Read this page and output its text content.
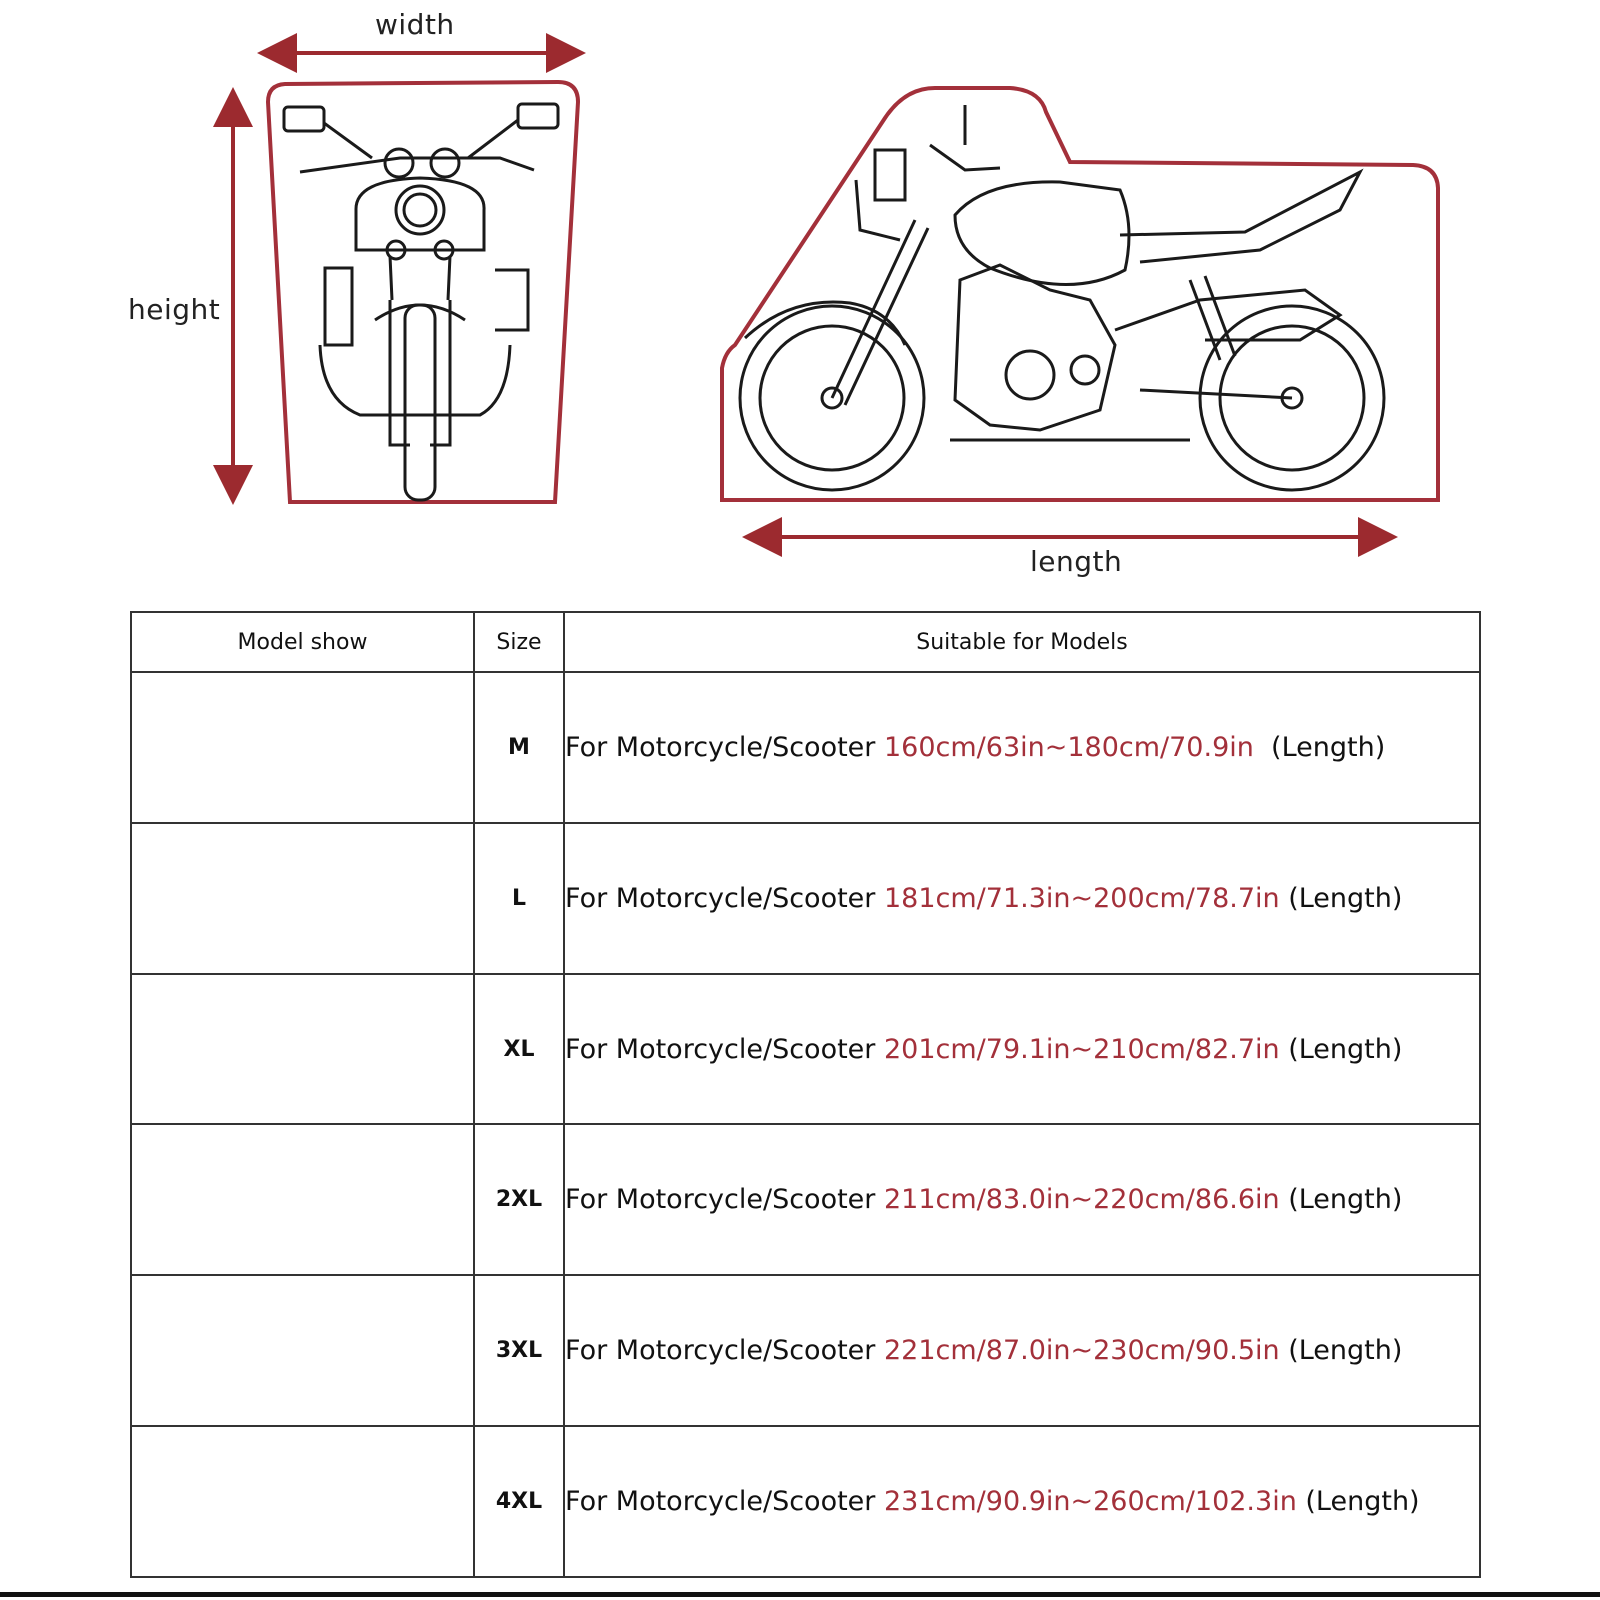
width
height
length
Model show	Size	Suitable for Models
	M	For Motorcycle/Scooter 160cm/63in~180cm/70.9in  (Length)
	L	For Motorcycle/Scooter 181cm/71.3in~200cm/78.7in (Length)
	XL	For Motorcycle/Scooter 201cm/79.1in~210cm/82.7in (Length)
	2XL	For Motorcycle/Scooter 211cm/83.0in~220cm/86.6in (Length)
	3XL	For Motorcycle/Scooter 221cm/87.0in~230cm/90.5in (Length)
	4XL	For Motorcycle/Scooter 231cm/90.9in~260cm/102.3in (Length)
